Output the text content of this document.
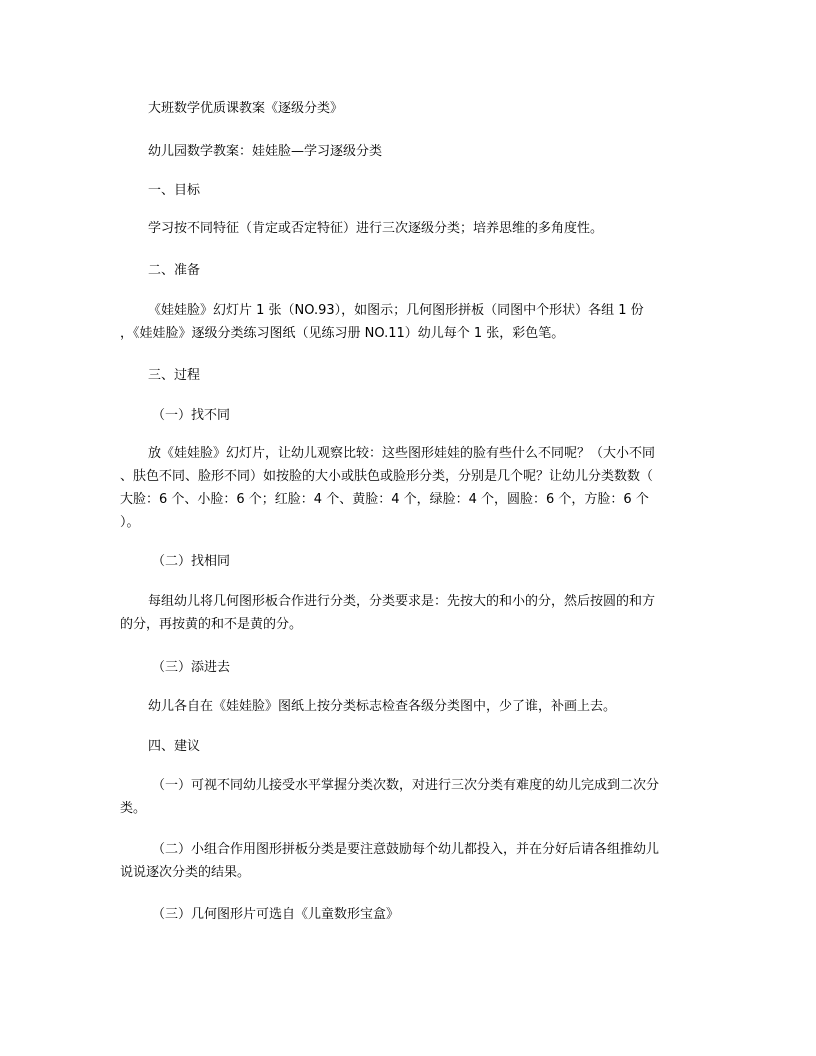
大班数学优质课教案《逐级分类》
幼儿园数学教案：娃娃脸—学习逐级分类
一、目标
学习按不同特征（肯定或否定特征）进行三次逐级分类；培养思维的多角度性。
二、准备
《娃娃脸》幻灯片 1 张（NO.93），如图示；几何图形拼板（同图中个形状）各组 1 份
，《娃娃脸》逐级分类练习图纸（见练习册 NO.11）幼儿每个 1 张，彩色笔。
三、过程
（一）找不同
放《娃娃脸》幻灯片，让幼儿观察比较：这些图形娃娃的脸有些什么不同呢？（大小不同
、肤色不同、脸形不同）如按脸的大小或肤色或脸形分类，分别是几个呢？让幼儿分类数数（
大脸：6 个、小脸：6 个；红脸：4 个、黄脸：4 个，绿脸：4 个，圆脸：6 个，方脸：6 个
）。
（二）找相同
每组幼儿将几何图形板合作进行分类，分类要求是：先按大的和小的分，然后按圆的和方
的分，再按黄的和不是黄的分。
（三）添进去
幼儿各自在《娃娃脸》图纸上按分类标志检查各级分类图中，少了谁，补画上去。
四、建议
（一）可视不同幼儿接受水平掌握分类次数，对进行三次分类有难度的幼儿完成到二次分
类。
（二）小组合作用图形拼板分类是要注意鼓励每个幼儿都投入，并在分好后请各组推幼儿
说说逐次分类的结果。
（三）几何图形片可选自《儿童数形宝盒》
